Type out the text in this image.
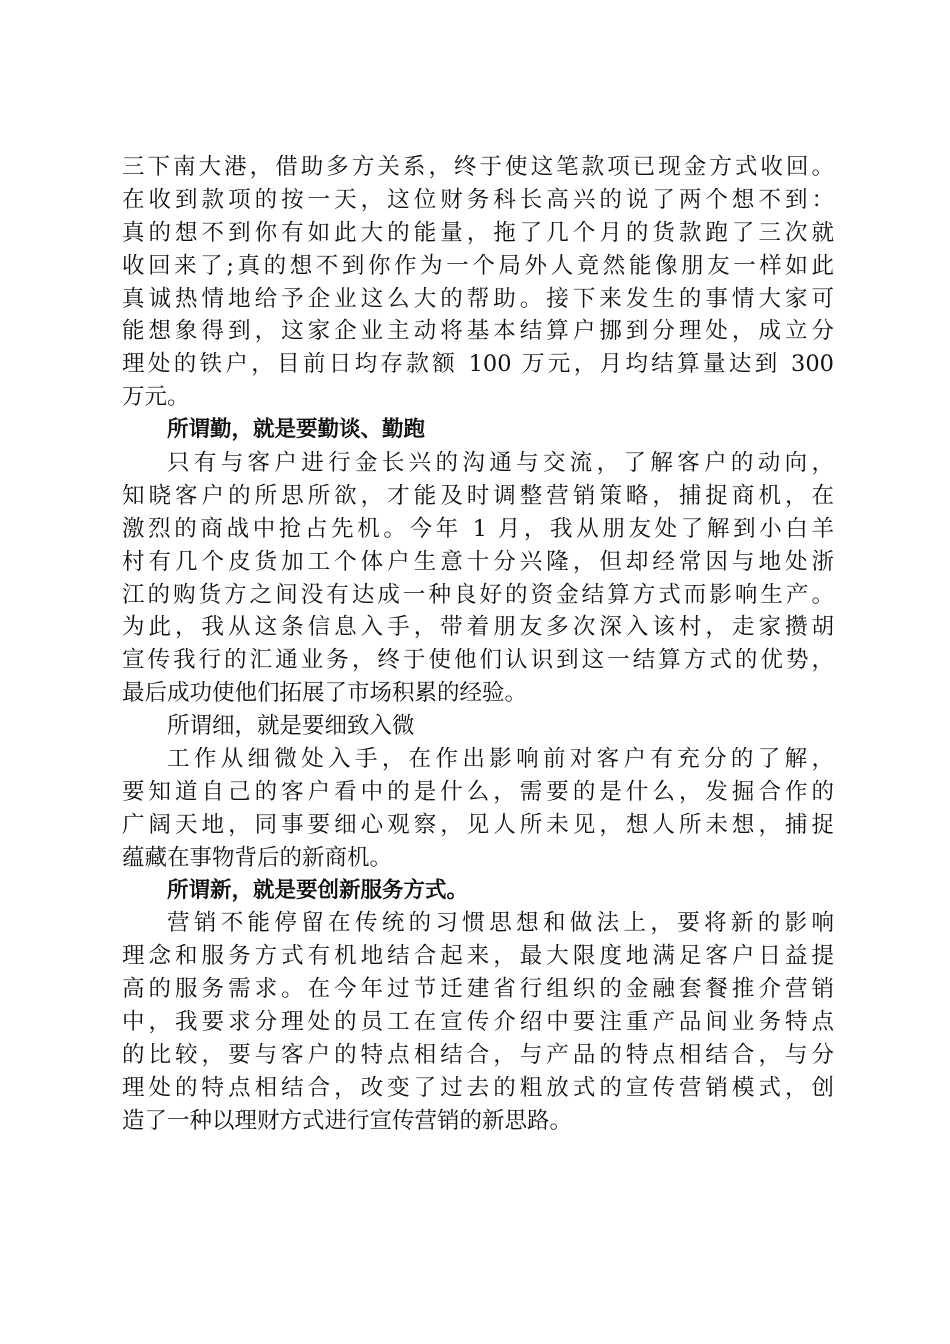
三下南大港，借助多方关系，终于使这笔款项已现金方式收回。
在收到款项的按一天，这位财务科长高兴的说了两个想不到：
真的想不到你有如此大的能量，拖了几个月的货款跑了三次就
收回来了;真的想不到你作为一个局外人竟然能像朋友一样如此
真诚热情地给予企业这么大的帮助。接下来发生的事情大家可
能想象得到，这家企业主动将基本结算户挪到分理处，成立分
理处的铁户，目前日均存款额 100 万元，月均结算量达到 300
万元。
所谓勤，就是要勤谈、勤跑
只有与客户进行金长兴的沟通与交流，了解客户的动向，
知晓客户的所思所欲，才能及时调整营销策略，捕捉商机，在
激烈的商战中抢占先机。今年 1 月，我从朋友处了解到小白羊
村有几个皮货加工个体户生意十分兴隆，但却经常因与地处浙
江的购货方之间没有达成一种良好的资金结算方式而影响生产。
为此，我从这条信息入手，带着朋友多次深入该村，走家攒胡
宣传我行的汇通业务，终于使他们认识到这一结算方式的优势，
最后成功使他们拓展了市场积累的经验。
所谓细，就是要细致入微
工作从细微处入手，在作出影响前对客户有充分的了解，
要知道自己的客户看中的是什么，需要的是什么，发掘合作的
广阔天地，同事要细心观察，见人所未见，想人所未想，捕捉
蕴藏在事物背后的新商机。
所谓新，就是要创新服务方式。
营销不能停留在传统的习惯思想和做法上，要将新的影响
理念和服务方式有机地结合起来，最大限度地满足客户日益提
高的服务需求。在今年过节迁建省行组织的金融套餐推介营销
中，我要求分理处的员工在宣传介绍中要注重产品间业务特点
的比较，要与客户的特点相结合，与产品的特点相结合，与分
理处的特点相结合，改变了过去的粗放式的宣传营销模式，创
造了一种以理财方式进行宣传营销的新思路。
